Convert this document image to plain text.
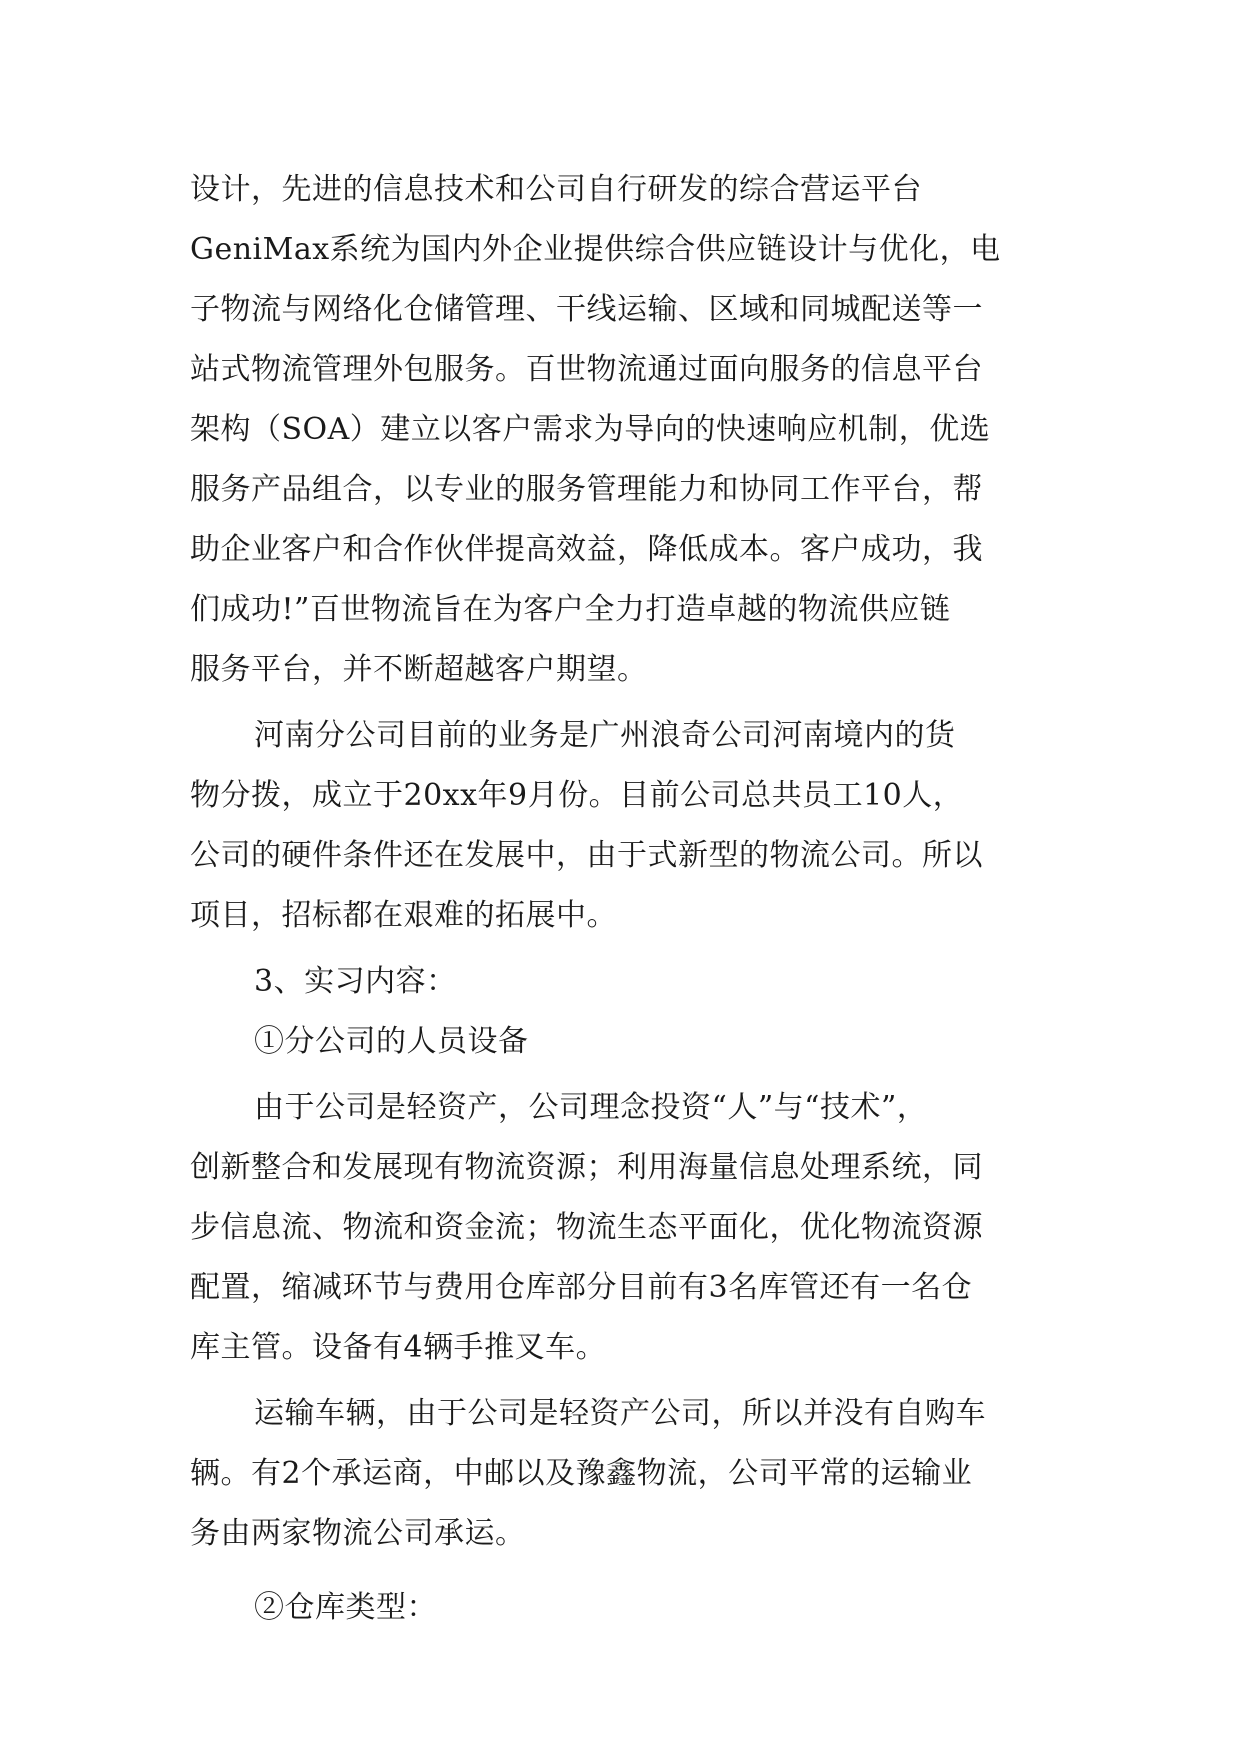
设计，先进的信息技术和公司自行研发的综合营运平台
GeniMax系统为国内外企业提供综合供应链设计与优化，电
子物流与网络化仓储管理、干线运输、区域和同城配送等一
站式物流管理外包服务。百世物流通过面向服务的信息平台
架构（SOA）建立以客户需求为导向的快速响应机制，优选
服务产品组合，以专业的服务管理能力和协同工作平台，帮
助企业客户和合作伙伴提高效益，降低成本。客户成功，我
们成功!”百世物流旨在为客户全力打造卓越的物流供应链
服务平台，并不断超越客户期望。
河南分公司目前的业务是广州浪奇公司河南境内的货
物分拨，成立于20xx年9月份。目前公司总共员工10人，
公司的硬件条件还在发展中，由于式新型的物流公司。所以
项目，招标都在艰难的拓展中。
3、实习内容：
①分公司的人员设备
由于公司是轻资产，公司理念投资“人”与“技术”，
创新整合和发展现有物流资源；利用海量信息处理系统，同
步信息流、物流和资金流；物流生态平面化，优化物流资源
配置，缩减环节与费用仓库部分目前有3名库管还有一名仓
库主管。设备有4辆手推叉车。
运输车辆，由于公司是轻资产公司，所以并没有自购车
辆。有2个承运商，中邮以及豫鑫物流，公司平常的运输业
务由两家物流公司承运。
②仓库类型：
